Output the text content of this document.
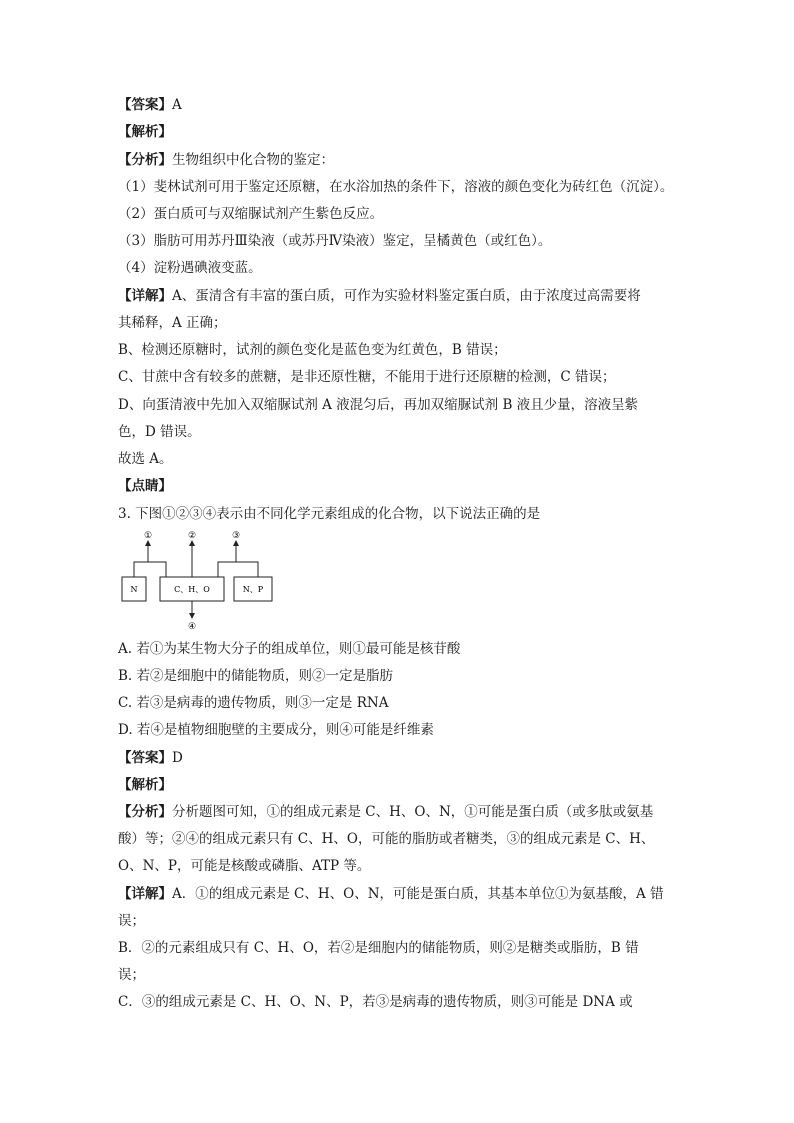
【答案】A
【解析】
【分析】生物组织中化合物的鉴定：
（1）斐林试剂可用于鉴定还原糖，在水浴加热的条件下，溶液的颜色变化为砖红色（沉淀）。
（2）蛋白质可与双缩脲试剂产生紫色反应。
（3）脂肪可用苏丹Ⅲ染液（或苏丹Ⅳ染液）鉴定，呈橘黄色（或红色）。
（4）淀粉遇碘液变蓝。
【详解】A、蛋清含有丰富的蛋白质，可作为实验材料鉴定蛋白质，由于浓度过高需要将
其稀释，A 正确；
B、检测还原糖时，试剂的颜色变化是蓝色变为红黄色，B 错误；
C、甘蔗中含有较多的蔗糖，是非还原性糖，不能用于进行还原糖的检测，C 错误；
D、向蛋清液中先加入双缩脲试剂 A 液混匀后，再加双缩脲试剂 B 液且少量，溶液呈紫
色，D 错误。
故选 A。
【点睛】
3. 下图①②③④表示由不同化学元素组成的化合物，以下说法正确的是
A. 若①为某生物大分子的组成单位，则①最可能是核苷酸
B. 若②是细胞中的储能物质，则②一定是脂肪
C. 若③是病毒的遗传物质，则③一定是 RNA
D. 若④是植物细胞壁的主要成分，则④可能是纤维素
【答案】D
【解析】
【分析】分析题图可知，①的组成元素是 C、H、O、N，①可能是蛋白质（或多肽或氨基
酸）等；②④的组成元素只有 C、H、O，可能的脂肪或者糖类，③的组成元素是 C、H、
O、N、P，可能是核酸或磷脂、ATP 等。
【详解】A．①的组成元素是 C、H、O、N，可能是蛋白质，其基本单位①为氨基酸，A 错
误；
B．②的元素组成只有 C、H、O，若②是细胞内的储能物质，则②是糖类或脂肪，B 错
误；
C．③的组成元素是 C、H、O、N、P，若③是病毒的遗传物质，则③可能是 DNA 或
①	②	③
④
N	C、H、O	N、P
